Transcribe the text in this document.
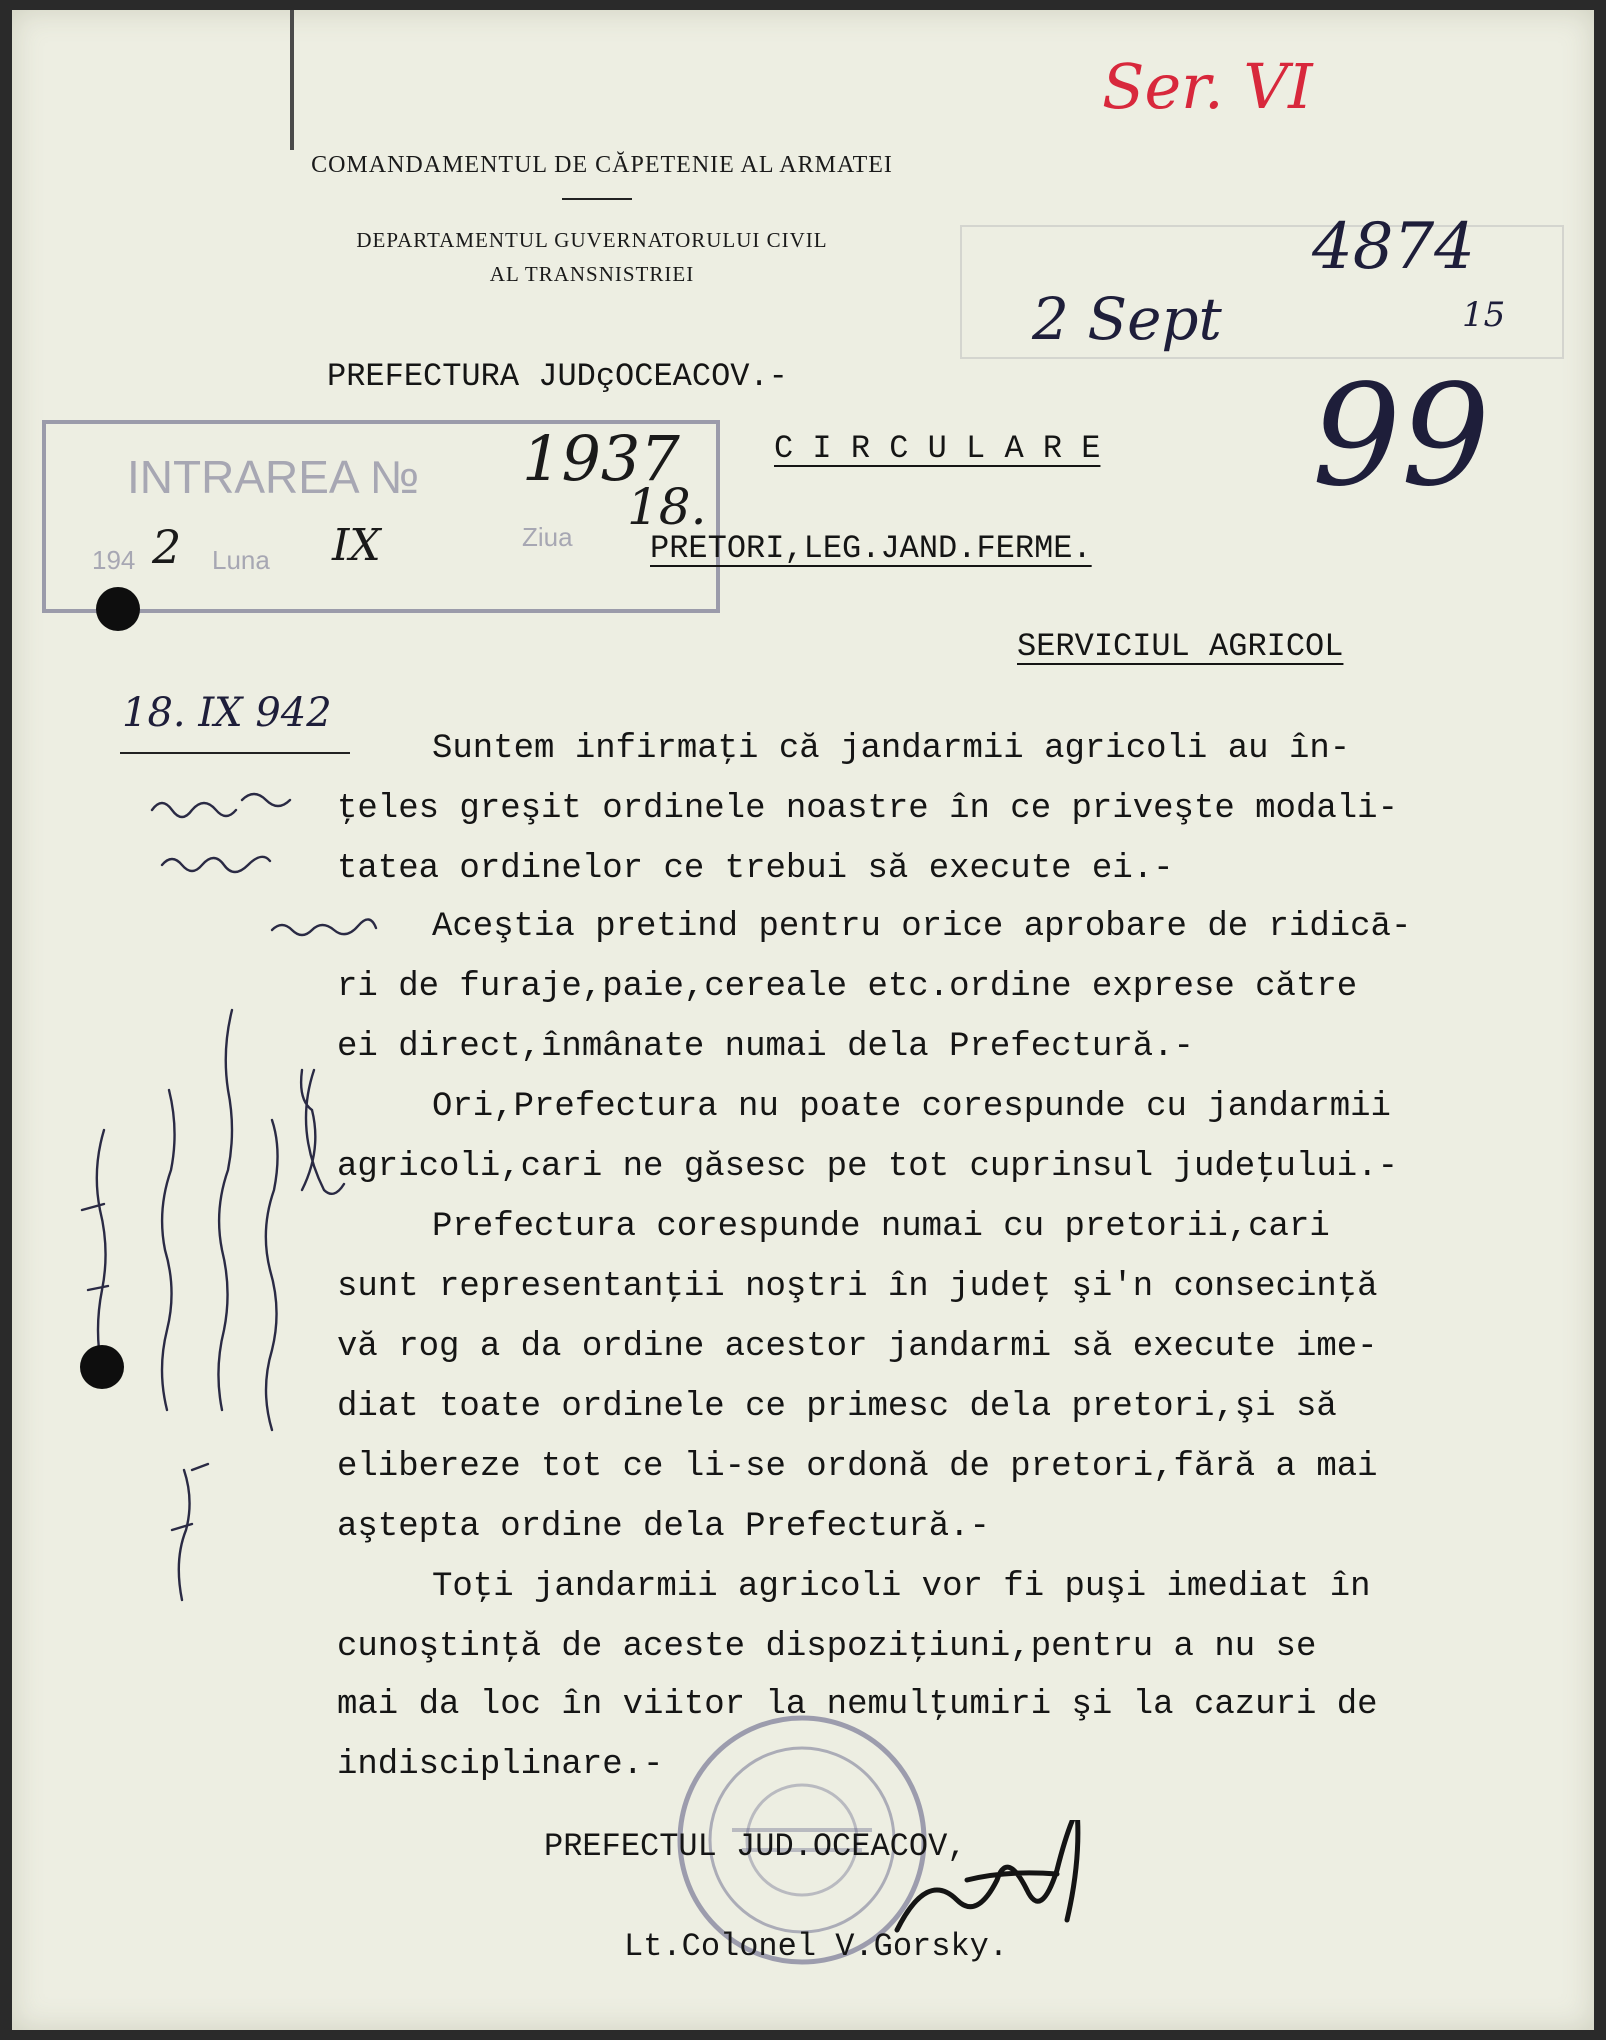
COMANDAMENTUL DE CĂPETENIE AL ARMATEI
DEPARTAMENTUL GUVERNATORULUI CIVIL
AL TRANSNISTRIEI
PREFECTURA JUDçOCEACOV.-
INTRAREA №
194	Luna
Ziua
1937
18.
2	IX
C I R C U L A R E
PRETORI,LEG.JAND.FERME.
SERVICIUL AGRICOL
Ser. VI
4874
15
2 Sept
99
18. IX 942
Suntem infirmaţi că jandarmii agricoli au în-
ţeles greşit ordinele noastre în ce priveşte modali-
tatea ordinelor ce trebui să execute ei.-
Aceştia pretind pentru orice aprobare de ridicā-
ri de furaje,paie,cereale etc.ordine exprese către
ei direct,înmânate numai dela Prefectură.-
Ori,Prefectura nu poate corespunde cu jandarmii
agricoli,cari ne găsesc pe tot cuprinsul judeţului.-
Prefectura corespunde numai cu pretorii,cari
sunt representanţii noştri în judeţ şi'n consecinţă
vă rog a da ordine acestor jandarmi să execute ime-
diat toate ordinele ce primesc dela pretori,şi să
elibereze tot ce li-se ordonă de pretori,fără a mai
aştepta ordine dela Prefectură.-
Toţi jandarmii agricoli vor fi puşi imediat în
cunoştinţă de aceste dispoziţiuni,pentru a nu se
mai da loc în viitor la nemulţumiri şi la cazuri de
indisciplinare.-
PREFECTUL JUD.OCEACOV,
Lt.Colonel V.Gorsky.
